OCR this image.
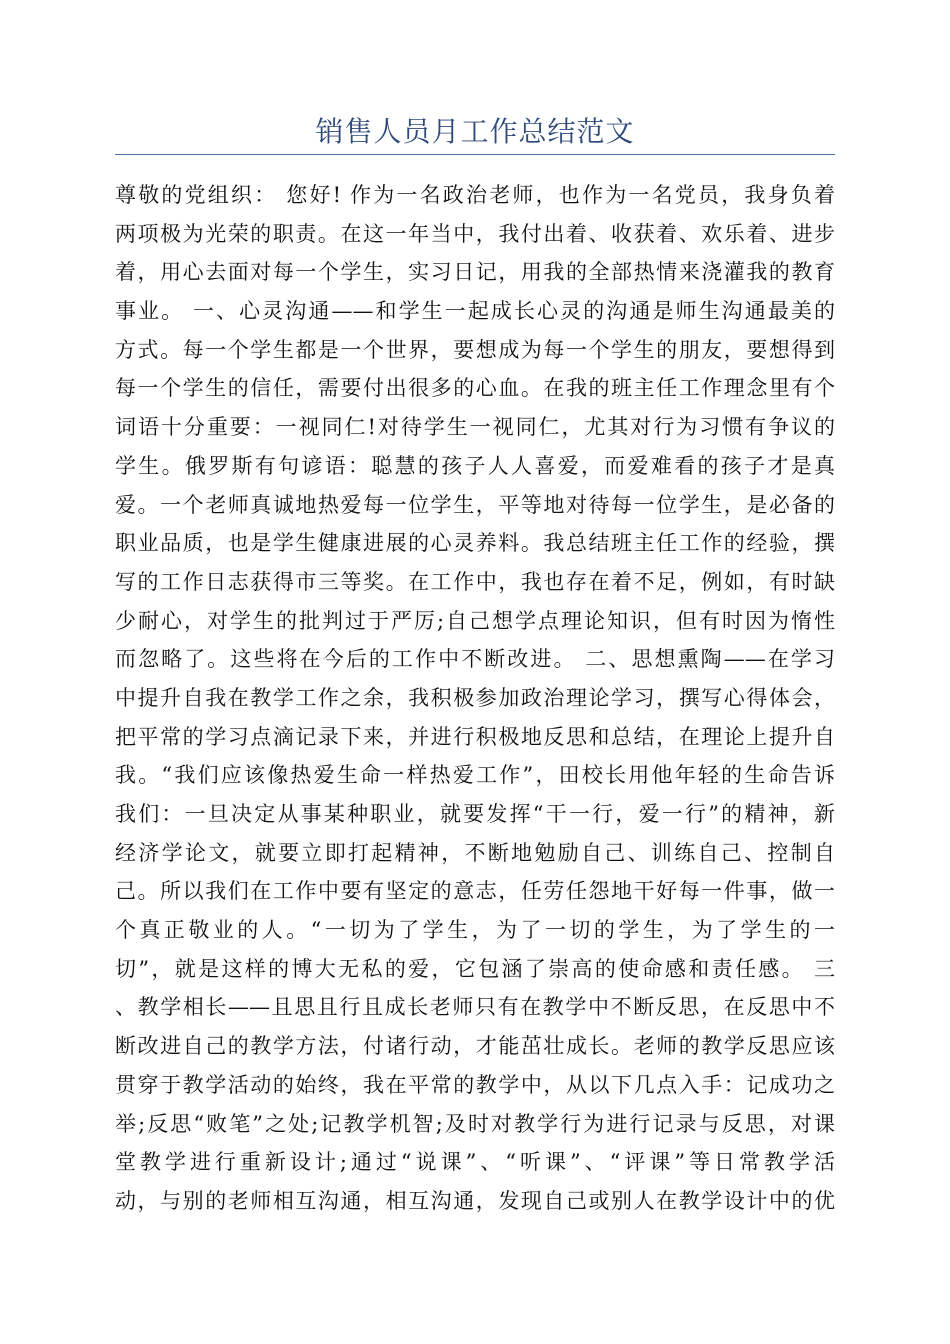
销售人员月工作总结范文
尊敬的党组织： 您好! 作为一名政治老师，也作为一名党员，我身负着
两项极为光荣的职责。在这一年当中，我付出着、收获着、欢乐着、进步
着，用心去面对每一个学生，实习日记，用我的全部热情来浇灌我的教育
事业。 一、心灵沟通——和学生一起成长心灵的沟通是师生沟通最美的
方式。每一个学生都是一个世界，要想成为每一个学生的朋友，要想得到
每一个学生的信任，需要付出很多的心血。在我的班主任工作理念里有个
词语十分重要：一视同仁!对待学生一视同仁，尤其对行为习惯有争议的
学生。俄罗斯有句谚语：聪慧的孩子人人喜爱，而爱难看的孩子才是真
爱。一个老师真诚地热爱每一位学生，平等地对待每一位学生，是必备的
职业品质，也是学生健康进展的心灵养料。我总结班主任工作的经验，撰
写的工作日志获得市三等奖。在工作中，我也存在着不足，例如，有时缺
少耐心，对学生的批判过于严厉;自己想学点理论知识，但有时因为惰性
而忽略了。这些将在今后的工作中不断改进。 二、思想熏陶——在学习
中提升自我在教学工作之余，我积极参加政治理论学习，撰写心得体会，
把平常的学习点滴记录下来，并进行积极地反思和总结，在理论上提升自
我。“我们应该像热爱生命一样热爱工作”，田校长用他年轻的生命告诉
我们：一旦决定从事某种职业，就要发挥“干一行，爱一行”的精神，新
经济学论文，就要立即打起精神，不断地勉励自己、训练自己、控制自
己。所以我们在工作中要有坚定的意志，任劳任怨地干好每一件事，做一
个真正敬业的人。“一切为了学生，为了一切的学生，为了学生的一
切”，就是这样的博大无私的爱，它包涵了崇高的使命感和责任感。 三
、教学相长——且思且行且成长老师只有在教学中不断反思，在反思中不
断改进自己的教学方法，付诸行动，才能茁壮成长。老师的教学反思应该
贯穿于教学活动的始终，我在平常的教学中，从以下几点入手：记成功之
举;反思“败笔”之处;记教学机智;及时对教学行为进行记录与反思，对课
堂教学进行重新设计;通过“说课”、“听课”、“评课”等日常教学活
动，与别的老师相互沟通，相互沟通，发现自己或别人在教学设计中的优
